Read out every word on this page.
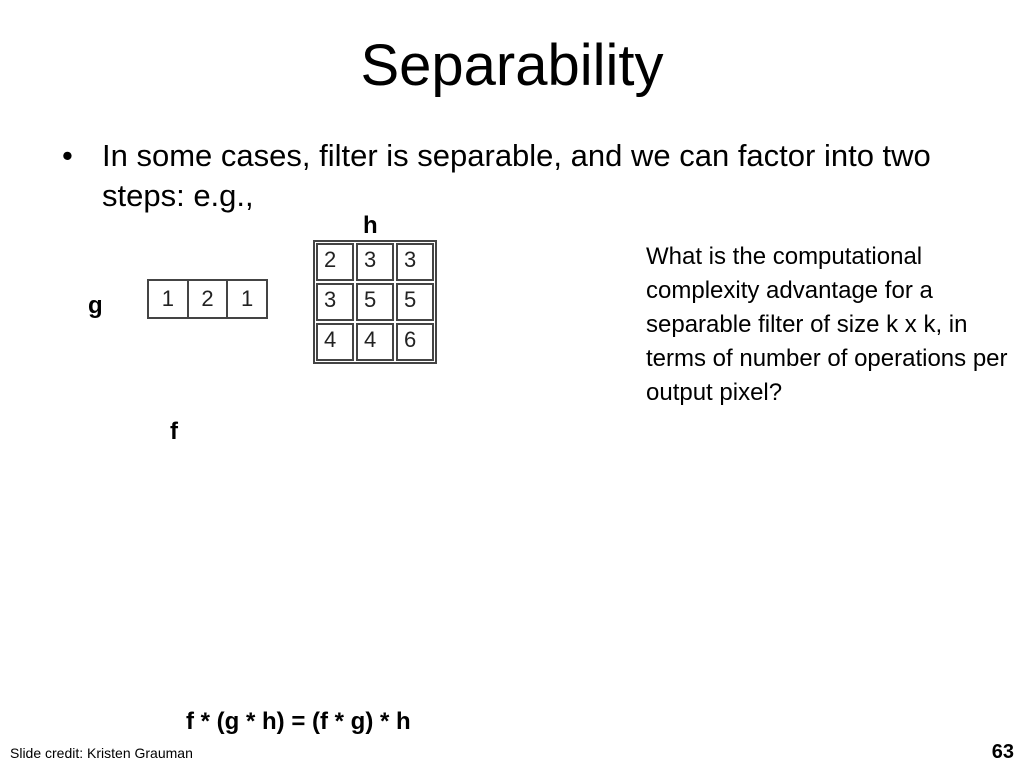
Separability
• In some cases, filter is separable, and we can factor into two steps: e.g.,
h
g
f
1	2	1
2	3	3
3	5	5
4	4	6
What is the computational complexity advantage for a separable filter of size k x k, in terms of number of operations per output pixel?
f * (g * h) = (f * g) * h
Slide credit: Kristen Grauman	63
